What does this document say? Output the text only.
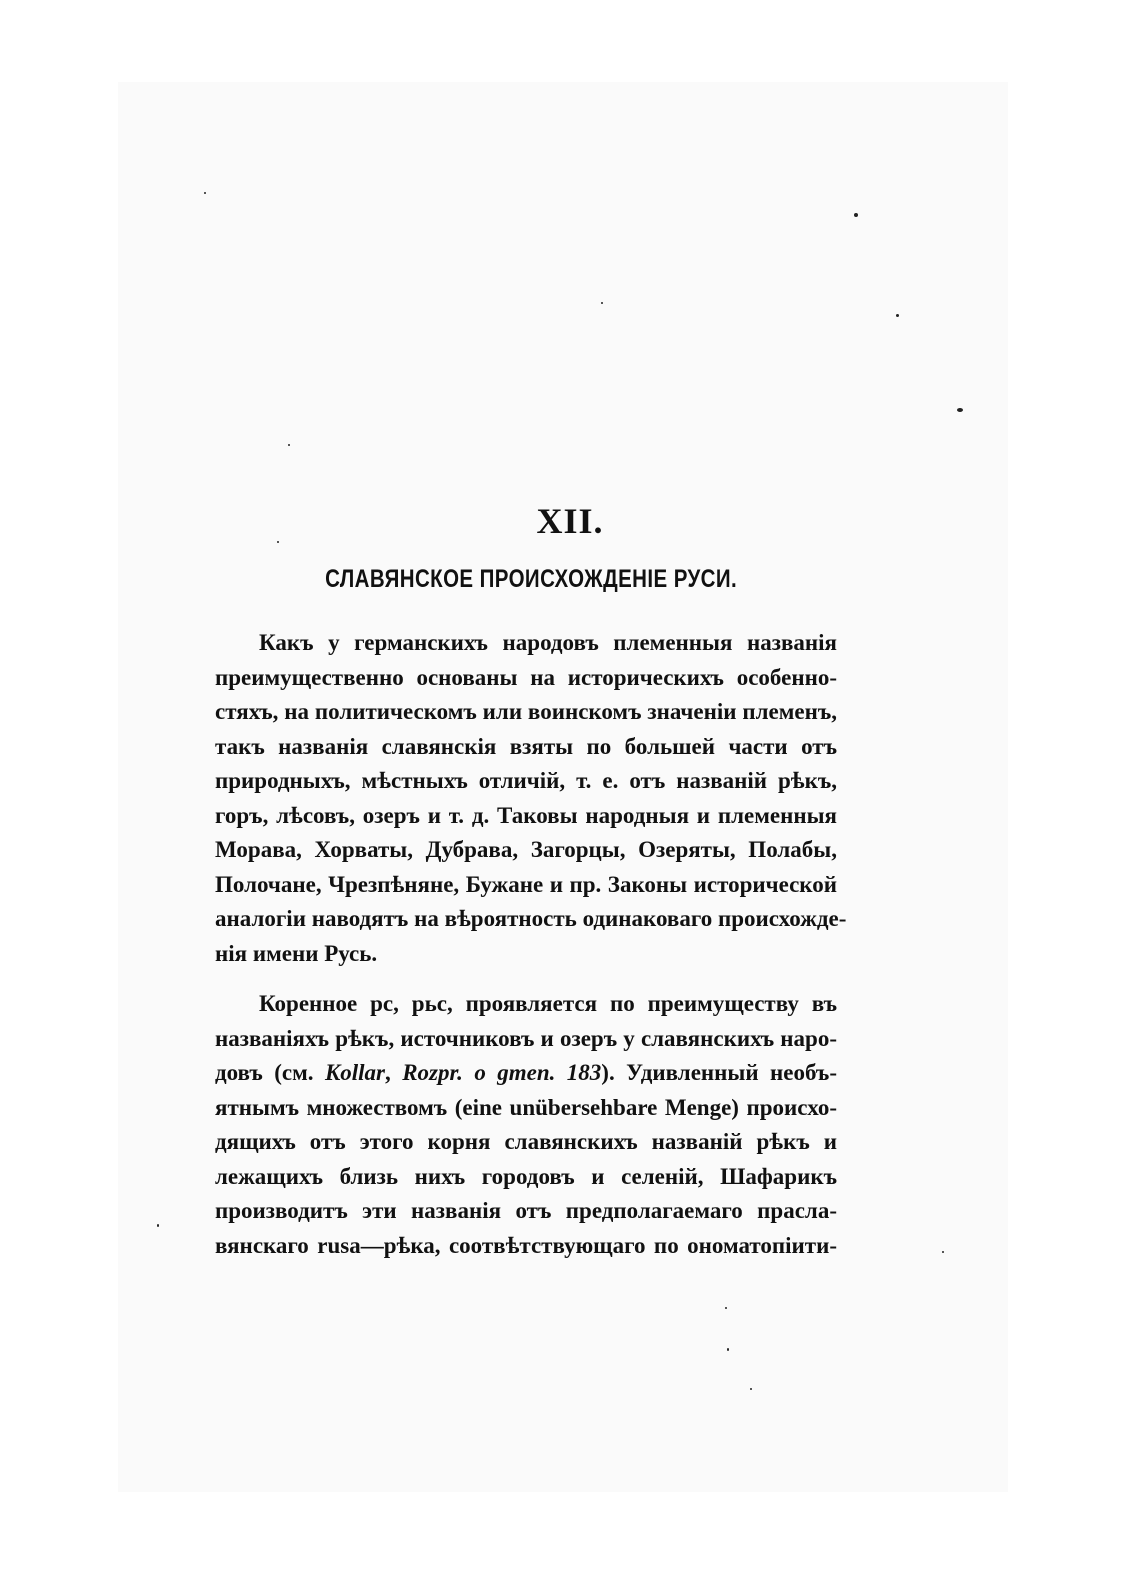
XII.
СЛАВЯНСКОЕ ПРОИСХОЖДЕНІЕ РУСИ.

Какъ у германскихъ народовъ племенныя названія
преимущественно основаны на историческихъ особенно-
стяхъ, на политическомъ или воинскомъ значеніи племенъ,
такъ названія славянскія взяты по большей части отъ
природныхъ, мѣстныхъ отличій, т. е. отъ названій рѣкъ,
горъ, лѣсовъ, озеръ и т. д. Таковы народныя и племенныя
Морава, Хорваты, Дубрава, Загорцы, Озеряты, Полабы,
Полочане, Чрезпѣняне, Бужане и пр. Законы исторической
аналогіи наводятъ на вѣроятность одинаковаго происхожде-
нія имени Русь.

Коренное рс, рьс, проявляется по преимуществу въ
названіяхъ рѣкъ, источниковъ и озеръ у славянскихъ наро-
довъ (см. Kollar, Rozpr. o gmen. 183). Удивленный необъ-
ятнымъ множествомъ (eine unübersehbare Menge) происхо-
дящихъ отъ этого корня славянскихъ названій рѣкъ и
лежащихъ близь нихъ городовъ и селеній, Шафарикъ
производитъ эти названія отъ предполагаемаго прасла-
вянскаго rusa—рѣка, соотвѣтствующаго по ономатопіити-
